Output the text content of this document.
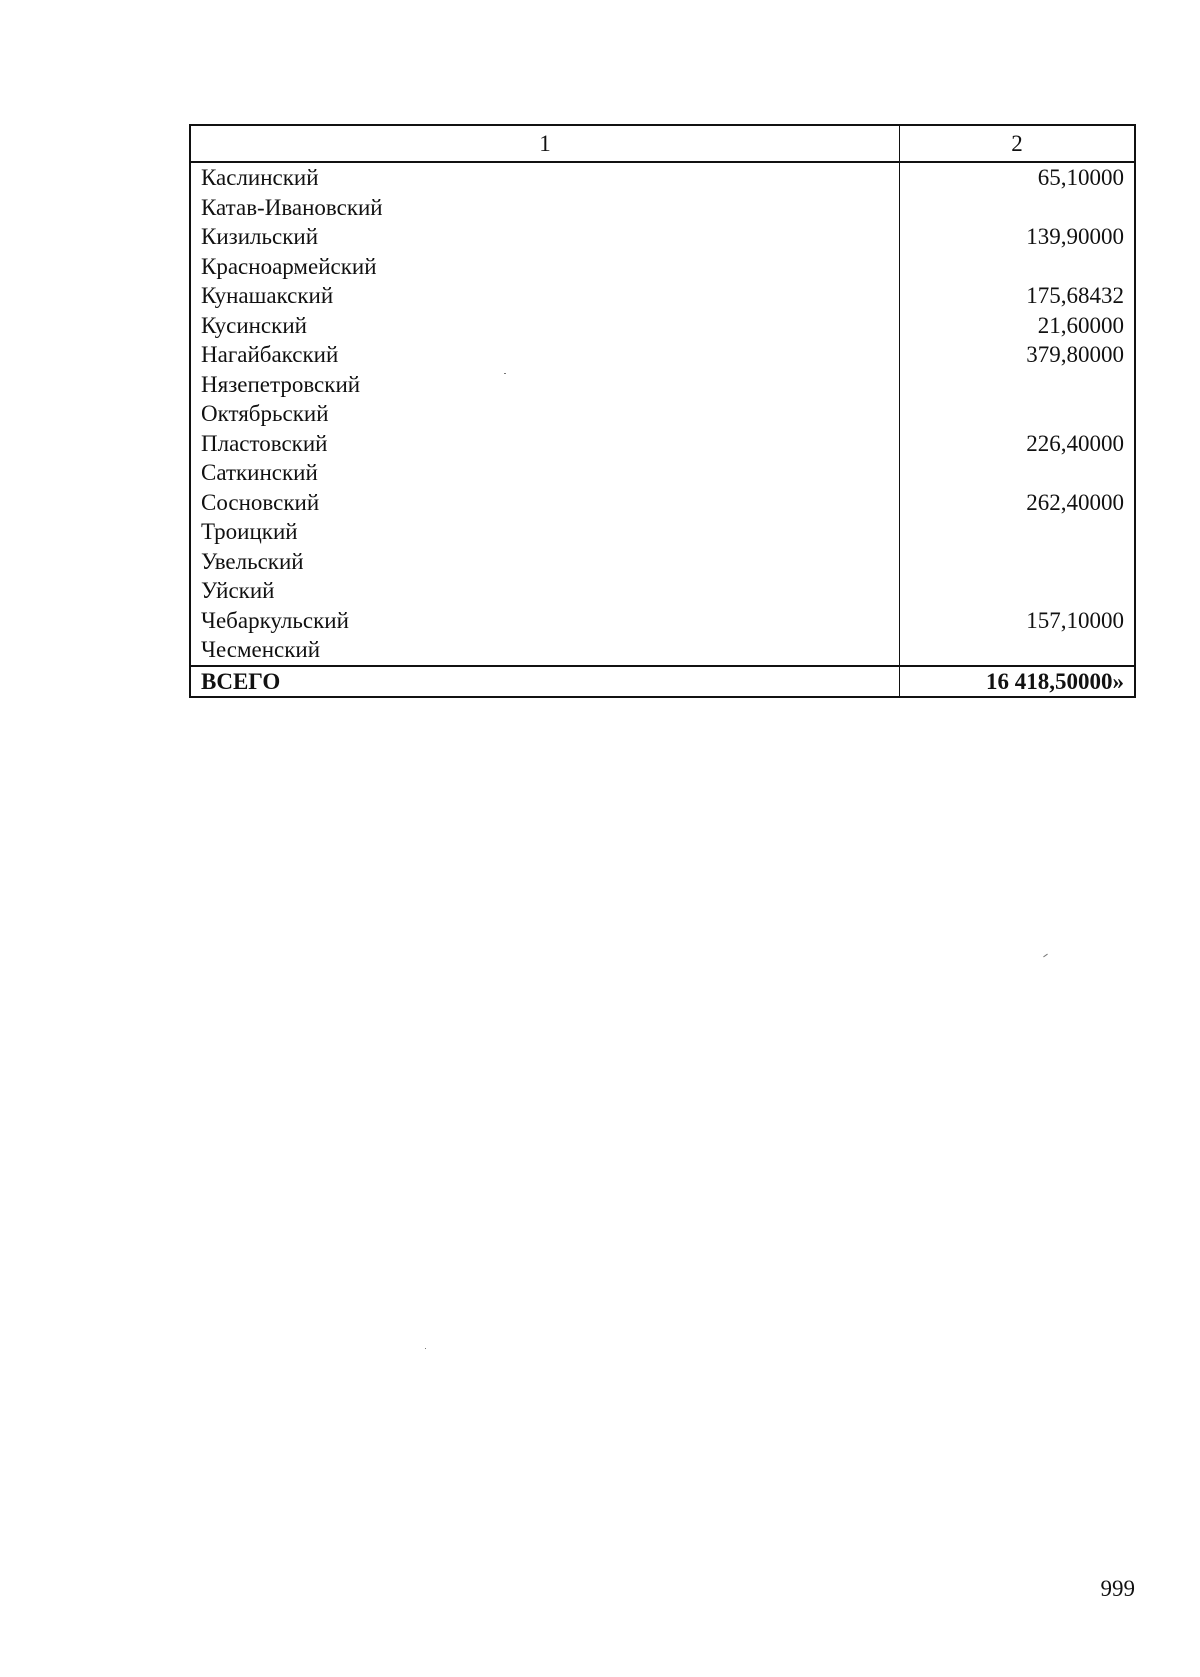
1	2
Каслинский	65,10000
Катав-Ивановский	
Кизильский	139,90000
Красноармейский	
Кунашакский	175,68432
Кусинский	21,60000
Нагайбакский	379,80000
Нязепетровский	
Октябрьский	
Пластовский	226,40000
Саткинский	
Сосновский	262,40000
Троицкий	
Увельский	
Уйский	
Чебаркульский	157,10000
Чесменский	
ВСЕГО	16 418,50000»
999
